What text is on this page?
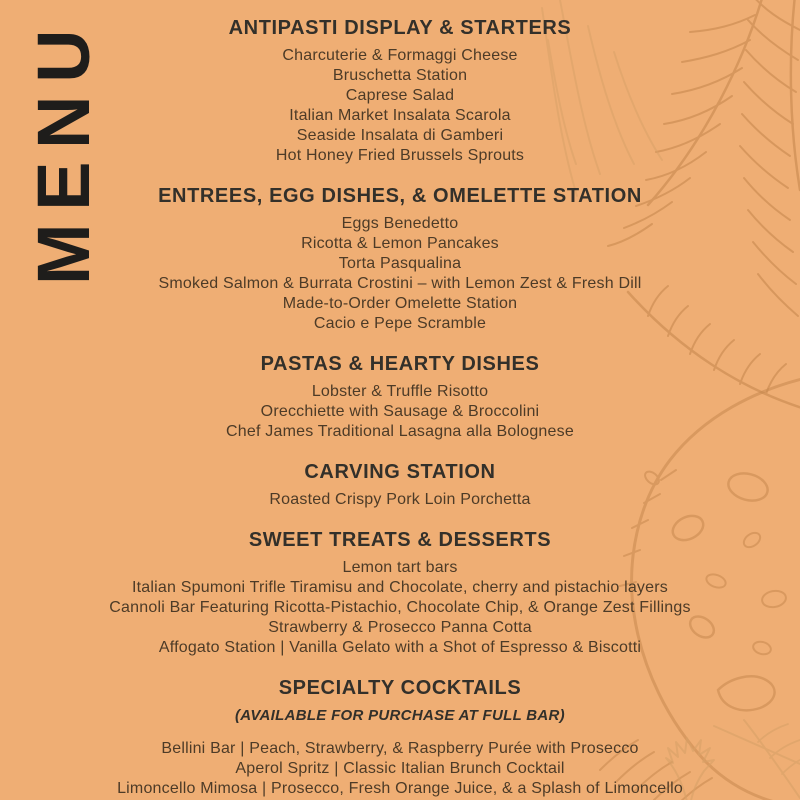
MENU	ANTIPASTI DISPLAY & STARTERS
Charcuterie & Formaggi Cheese
Bruschetta Station
Caprese Salad
Italian Market Insalata Scarola
Seaside Insalata di Gamberi
Hot Honey Fried Brussels Sprouts
ENTREES, EGG DISHES, & OMELETTE STATION
Eggs Benedetto
Ricotta & Lemon Pancakes
Torta Pasqualina
Smoked Salmon & Burrata Crostini – with Lemon Zest & Fresh Dill
Made-to-Order Omelette Station
Cacio e Pepe Scramble
PASTAS & HEARTY DISHES
Lobster & Truffle Risotto
Orecchiette with Sausage & Broccolini
Chef James Traditional Lasagna alla Bolognese
CARVING STATION
Roasted Crispy Pork Loin Porchetta
SWEET TREATS & DESSERTS
Lemon tart bars
Italian Spumoni Trifle Tiramisu and Chocolate, cherry and pistachio layers
Cannoli Bar Featuring Ricotta-Pistachio, Chocolate Chip, & Orange Zest Fillings
Strawberry & Prosecco Panna Cotta
Affogato Station | Vanilla Gelato with a Shot of Espresso & Biscotti
SPECIALTY COCKTAILS

(AVAILABLE FOR PURCHASE AT FULL BAR)

Bellini Bar | Peach, Strawberry, & Raspberry Purée with Prosecco
Aperol Spritz | Classic Italian Brunch Cocktail
Limoncello Mimosa | Prosecco, Fresh Orange Juice, & a Splash of Limoncello
